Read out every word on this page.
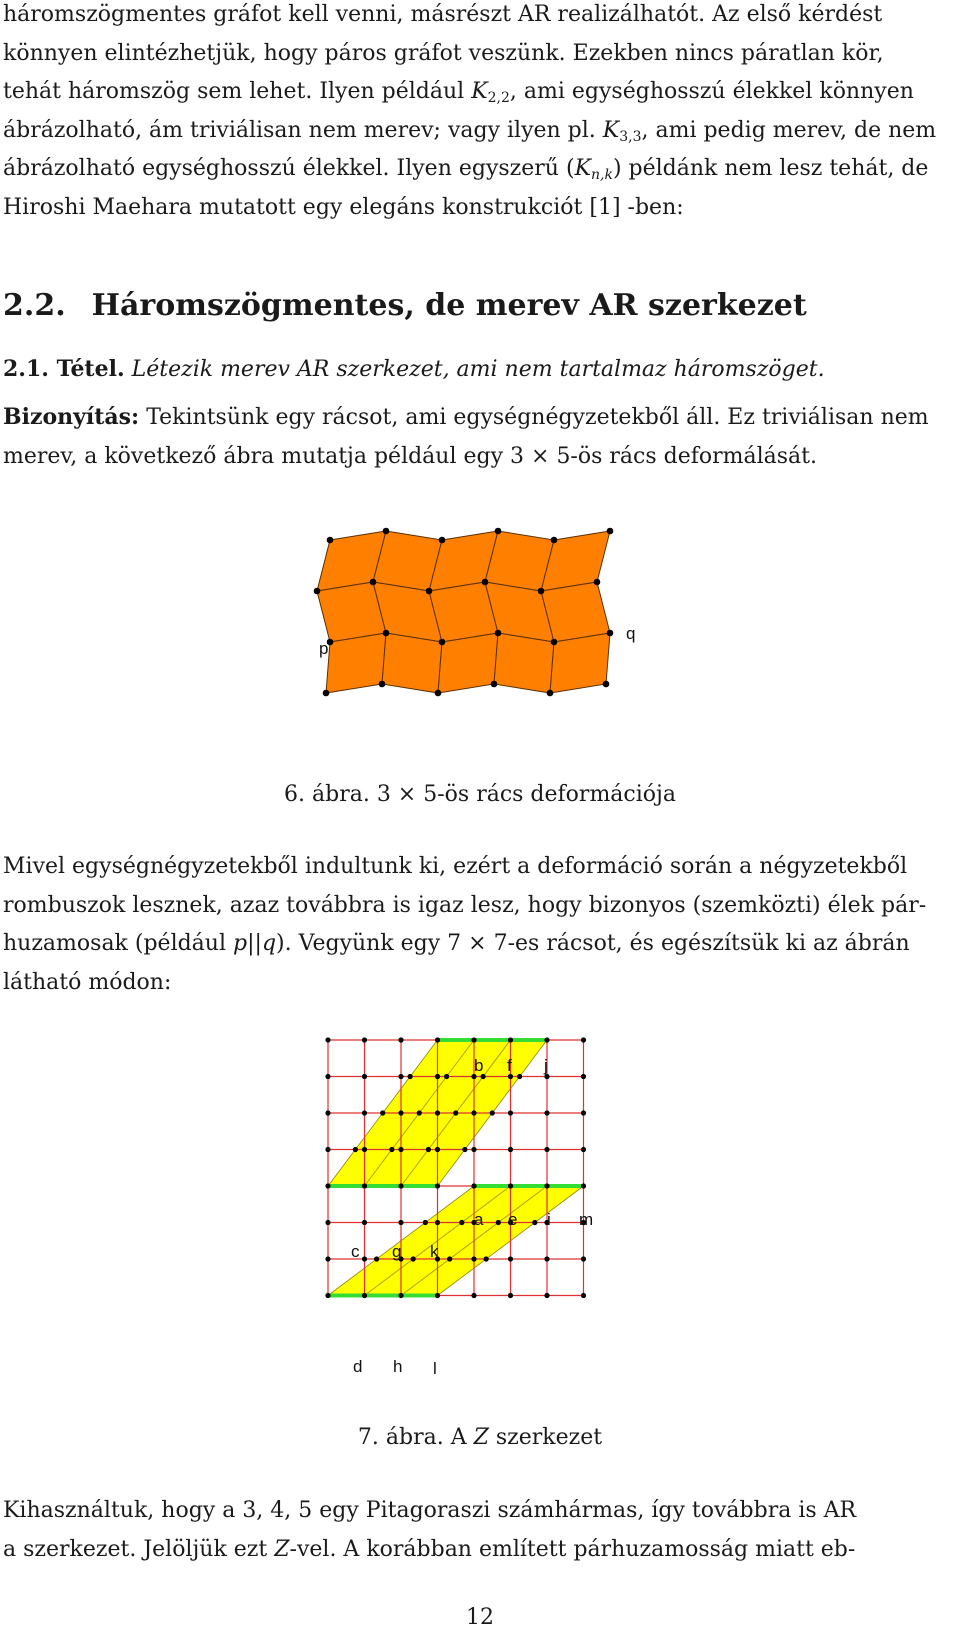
háromszögmentes gráfot kell venni, másrészt AR realizálhatót. Az első kérdést
könnyen elintézhetjük, hogy páros gráfot veszünk. Ezekben nincs páratlan kör,
tehát háromszög sem lehet. Ilyen például $K_{2,2}$, ami egységhosszú élekkel könnyen
ábrázolható, ám triviálisan nem merev; vagy ilyen pl. $K_{3,3}$, ami pedig merev, de nem
ábrázolható egységhosszú élekkel. Ilyen egyszerű $(K_{n,k})$ példánk nem lesz tehát, de
Hiroshi Maehara mutatott egy elegáns konstrukciót [1] -ben:
2.2. Háromszögmentes, de merev AR szerkezet
2.1. Tétel. Létezik merev AR szerkezet, ami nem tartalmaz háromszöget.
Bizonyítás: Tekintsünk egy rácsot, ami egységnégyzetekből áll. Ez triviálisan nem
merev, a következő ábra mutatja például egy 3 × 5-ös rács deformálását.
p
q
6. ábra. 3 × 5-ös rács deformációja
Mivel egységnégyzetekből indultunk ki, ezért a deformáció során a négyzetekből
rombuszok lesznek, azaz továbbra is igaz lesz, hogy bizonyos (szemközti) élek pár-
huzamosak (például p||q). Vegyünk egy 7 × 7-es rácsot, és egészítsük ki az ábrán
látható módon:
b f j
a e i m
c g k
d h l
7. ábra. A Z szerkezet
Kihasználtuk, hogy a 3, 4, 5 egy Pitagoraszi számhármas, így továbbra is AR
a szerkezet. Jelöljük ezt Z-vel. A korábban említett párhuzamosság miatt eb-
12
